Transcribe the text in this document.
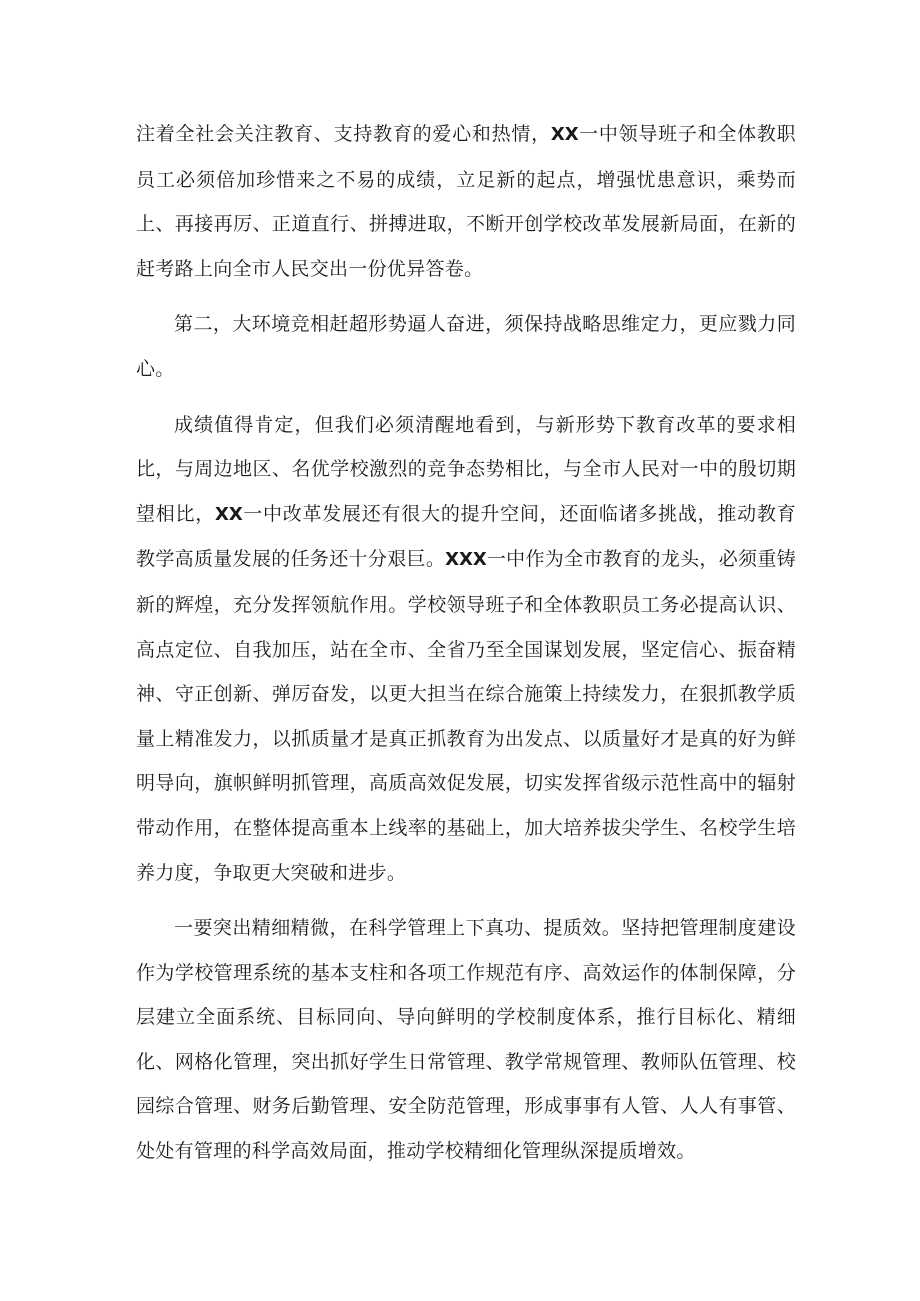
注着全社会关注教育、支持教育的爱心和热情，XX一中领导班子和全体教职员工必须倍加珍惜来之不易的成绩，立足新的起点，增强忧患意识，乘势而上、再接再厉、正道直行、拼搏进取，不断开创学校改革发展新局面，在新的赶考路上向全市人民交出一份优异答卷。

第二，大环境竞相赶超形势逼人奋进，须保持战略思维定力，更应戮力同心。

成绩值得肯定，但我们必须清醒地看到，与新形势下教育改革的要求相比，与周边地区、名优学校激烈的竞争态势相比，与全市人民对一中的殷切期望相比，XX一中改革发展还有很大的提升空间，还面临诸多挑战，推动教育教学高质量发展的任务还十分艰巨。XXX一中作为全市教育的龙头，必须重铸新的辉煌，充分发挥领航作用。学校领导班子和全体教职员工务必提高认识、高点定位、自我加压，站在全市、全省乃至全国谋划发展，坚定信心、振奋精神、守正创新、弹厉奋发，以更大担当在综合施策上持续发力，在狠抓教学质量上精准发力，以抓质量才是真正抓教育为出发点、以质量好才是真的好为鲜明导向，旗帜鲜明抓管理，高质高效促发展，切实发挥省级示范性高中的辐射带动作用，在整体提高重本上线率的基础上，加大培养拔尖学生、名校学生培养力度，争取更大突破和进步。

一要突出精细精微，在科学管理上下真功、提质效。坚持把管理制度建设作为学校管理系统的基本支柱和各项工作规范有序、高效运作的体制保障，分层建立全面系统、目标同向、导向鲜明的学校制度体系，推行目标化、精细化、网格化管理，突出抓好学生日常管理、教学常规管理、教师队伍管理、校园综合管理、财务后勤管理、安全防范管理，形成事事有人管、人人有事管、处处有管理的科学高效局面，推动学校精细化管理纵深提质增效。
